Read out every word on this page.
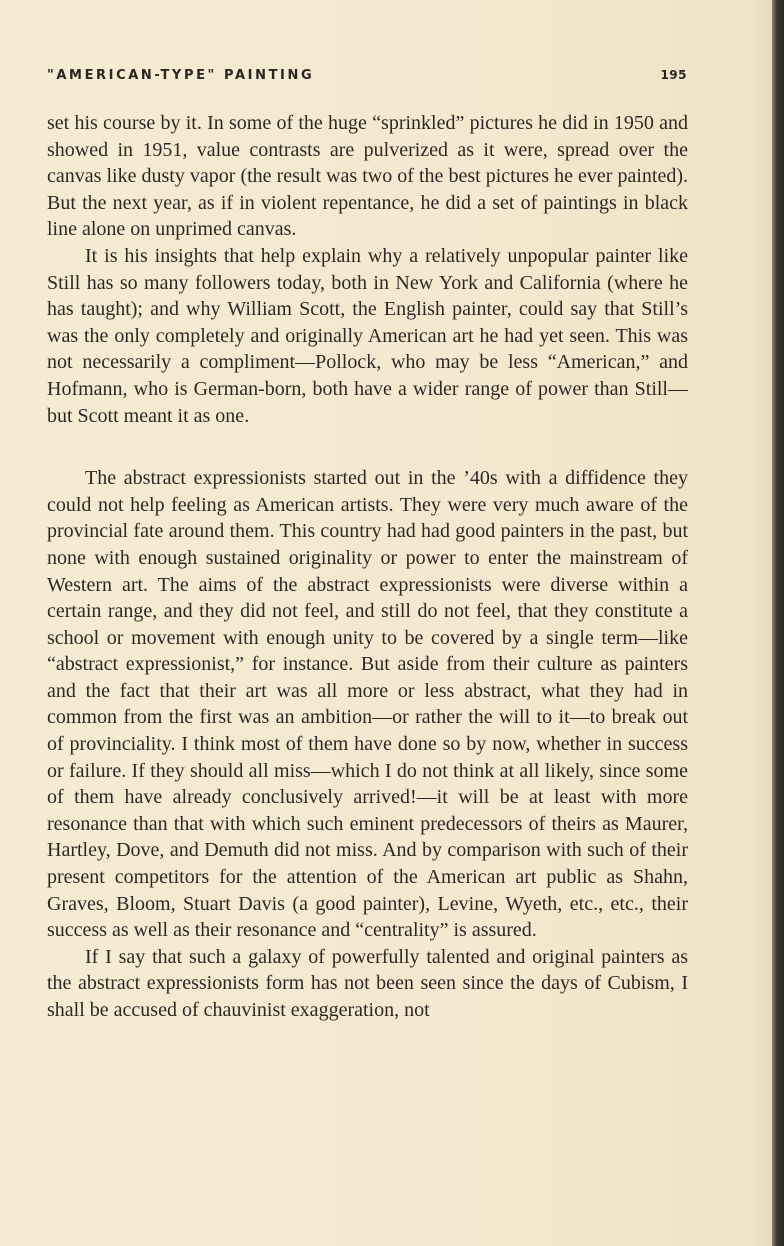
"AMERICAN-TYPE" PAINTING	195

set his course by it. In some of the huge “sprinkled” pictures he did in 1950 and showed in 1951, value contrasts are pulverized as it were, spread over the canvas like dusty vapor (the result was two of the best pictures he ever painted). But the next year, as if in violent repentance, he did a set of paintings in black line alone on unprimed canvas.

It is his insights that help explain why a relatively unpopular painter like Still has so many followers today, both in New York and California (where he has taught); and why William Scott, the English painter, could say that Still’s was the only completely and originally American art he had yet seen. This was not necessarily a compliment—Pollock, who may be less “American,” and Hofmann, who is German-born, both have a wider range of power than Still—but Scott meant it as one.

The abstract expressionists started out in the ’40s with a diffidence they could not help feeling as American artists. They were very much aware of the provincial fate around them. This country had had good painters in the past, but none with enough sustained originality or power to enter the mainstream of Western art. The aims of the abstract expressionists were diverse within a certain range, and they did not feel, and still do not feel, that they constitute a school or movement with enough unity to be covered by a single term—like “abstract expressionist,” for instance. But aside from their culture as painters and the fact that their art was all more or less abstract, what they had in common from the first was an ambition—or rather the will to it—to break out of provinciality. I think most of them have done so by now, whether in success or failure. If they should all miss—which I do not think at all likely, since some of them have already conclusively arrived!—it will be at least with more resonance than that with which such eminent predecessors of theirs as Maurer, Hartley, Dove, and Demuth did not miss. And by comparison with such of their present competitors for the attention of the American art public as Shahn, Graves, Bloom, Stuart Davis (a good painter), Levine, Wyeth, etc., etc., their success as well as their resonance and “centrality” is assured.

If I say that such a galaxy of powerfully talented and original painters as the abstract expressionists form has not been seen since the days of Cubism, I shall be accused of chauvinist exaggeration, not
